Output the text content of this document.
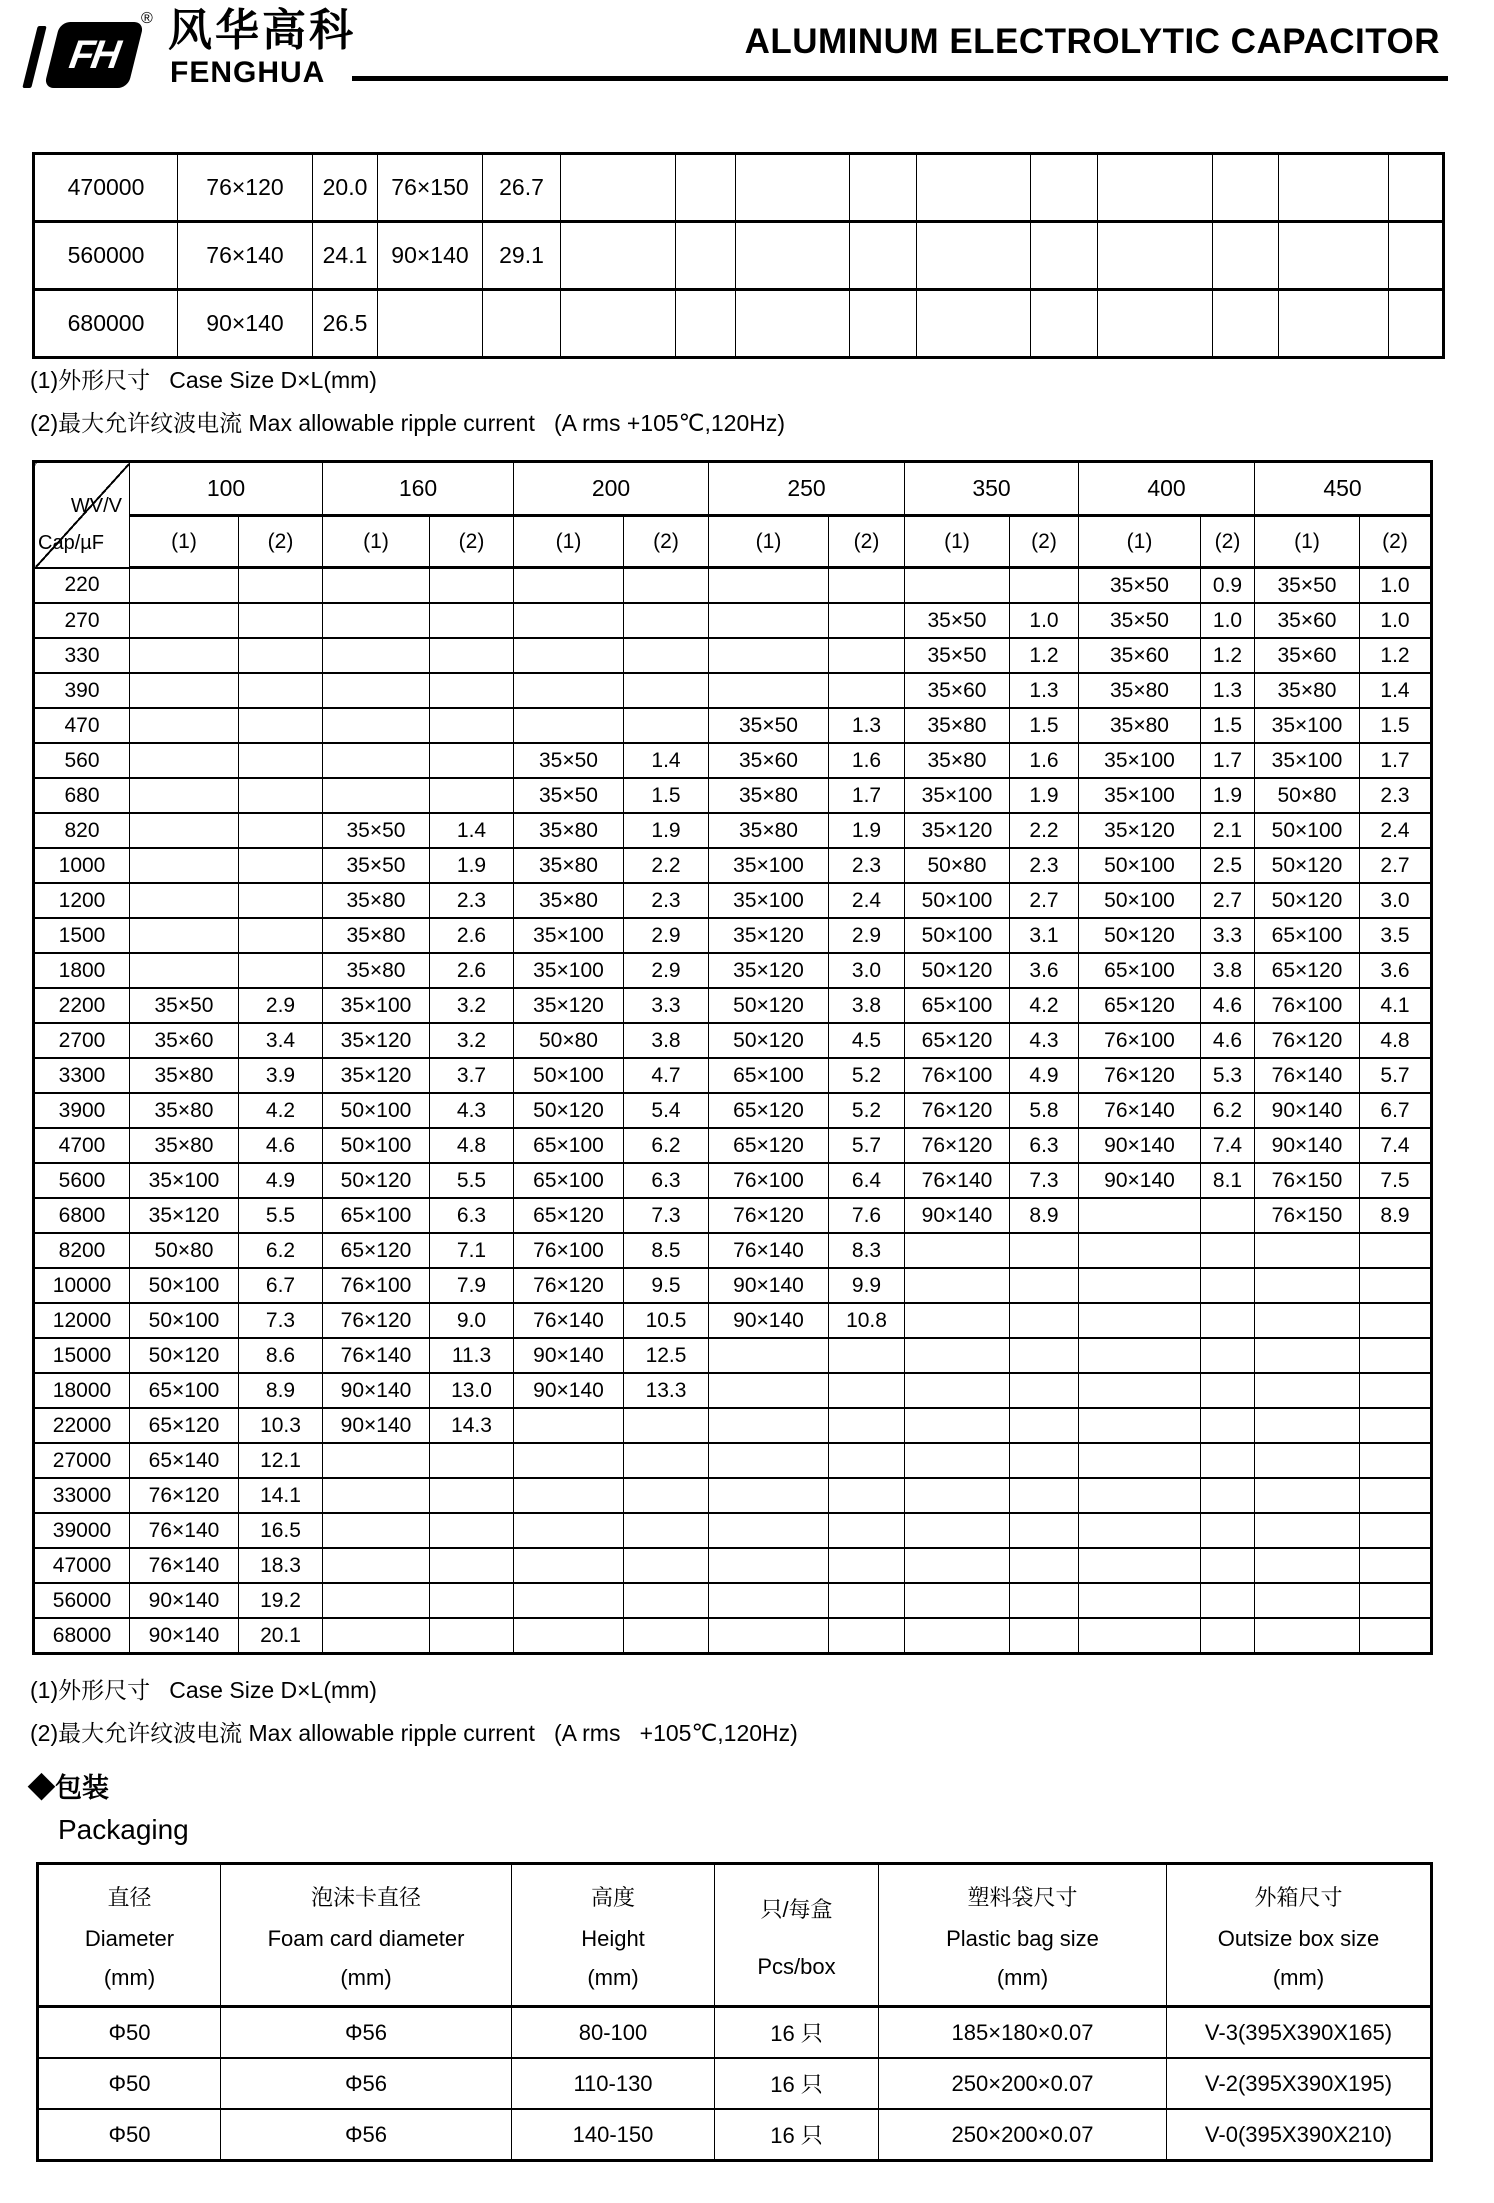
FH
® 风华高科
FENGHUA
ALUMINUM ELECTROLYTIC CAPACITOR
470000	76×120	20.0	76×150	26.7										
560000	76×140	24.1	90×140	29.1										
680000	90×140	26.5												

(1)外形尺寸   Case Size D×L(mm)

(2)最大允许纹波电流 Max allowable ripple current   (A rms +105℃,120Hz)

WV/V
Cap/µF	100		160		200		250		350		400		450	
	(1)	(2)	(1)	(2)	(1)	(2)	(1)	(2)	(1)	(2)	(1)	(2)	(1)	(2)
220											35×50	0.9	35×50	1.0
270									35×50	1.0	35×50	1.0	35×60	1.0
330									35×50	1.2	35×60	1.2	35×60	1.2
390									35×60	1.3	35×80	1.3	35×80	1.4
470							35×50	1.3	35×80	1.5	35×80	1.5	35×100	1.5
560					35×50	1.4	35×60	1.6	35×80	1.6	35×100	1.7	35×100	1.7
680					35×50	1.5	35×80	1.7	35×100	1.9	35×100	1.9	50×80	2.3
820			35×50	1.4	35×80	1.9	35×80	1.9	35×120	2.2	35×120	2.1	50×100	2.4
1000			35×50	1.9	35×80	2.2	35×100	2.3	50×80	2.3	50×100	2.5	50×120	2.7
1200			35×80	2.3	35×80	2.3	35×100	2.4	50×100	2.7	50×100	2.7	50×120	3.0
1500			35×80	2.6	35×100	2.9	35×120	2.9	50×100	3.1	50×120	3.3	65×100	3.5
1800			35×80	2.6	35×100	2.9	35×120	3.0	50×120	3.6	65×100	3.8	65×120	3.6
2200	35×50	2.9	35×100	3.2	35×120	3.3	50×120	3.8	65×100	4.2	65×120	4.6	76×100	4.1
2700	35×60	3.4	35×120	3.2	50×80	3.8	50×120	4.5	65×120	4.3	76×100	4.6	76×120	4.8
3300	35×80	3.9	35×120	3.7	50×100	4.7	65×100	5.2	76×100	4.9	76×120	5.3	76×140	5.7
3900	35×80	4.2	50×100	4.3	50×120	5.4	65×120	5.2	76×120	5.8	76×140	6.2	90×140	6.7
4700	35×80	4.6	50×100	4.8	65×100	6.2	65×120	5.7	76×120	6.3	90×140	7.4	90×140	7.4
5600	35×100	4.9	50×120	5.5	65×100	6.3	76×100	6.4	76×140	7.3	90×140	8.1	76×150	7.5
6800	35×120	5.5	65×100	6.3	65×120	7.3	76×120	7.6	90×140	8.9			76×150	8.9
8200	50×80	6.2	65×120	7.1	76×100	8.5	76×140	8.3						
10000	50×100	6.7	76×100	7.9	76×120	9.5	90×140	9.9						
12000	50×100	7.3	76×120	9.0	76×140	10.5	90×140	10.8						
15000	50×120	8.6	76×140	11.3	90×140	12.5								
18000	65×100	8.9	90×140	13.0	90×140	13.3								
22000	65×120	10.3	90×140	14.3										
27000	65×140	12.1												
33000	76×120	14.1												
39000	76×140	16.5												
47000	76×140	18.3												
56000	90×140	19.2												
68000	90×140	20.1												

(1)外形尺寸   Case Size D×L(mm)

(2)最大允许纹波电流 Max allowable ripple current   (A rms   +105℃,120Hz)

◆包装
Packaging
直径
Diameter
(mm)

泡沫卡直径
Foam card diameter
(mm)

高度
Height
(mm)

只/每盒
Pcs/box

塑料袋尺寸
Plastic bag size
(mm)

外箱尺寸
Outsize box size
(mm)

Φ50	Φ56	80-100	16 只	185×180×0.07	V-3(395X390X165)
Φ50	Φ56	110-130	16 只	250×200×0.07	V-2(395X390X195)
Φ50	Φ56	140-150	16 只	250×200×0.07	V-0(395X390X210)
